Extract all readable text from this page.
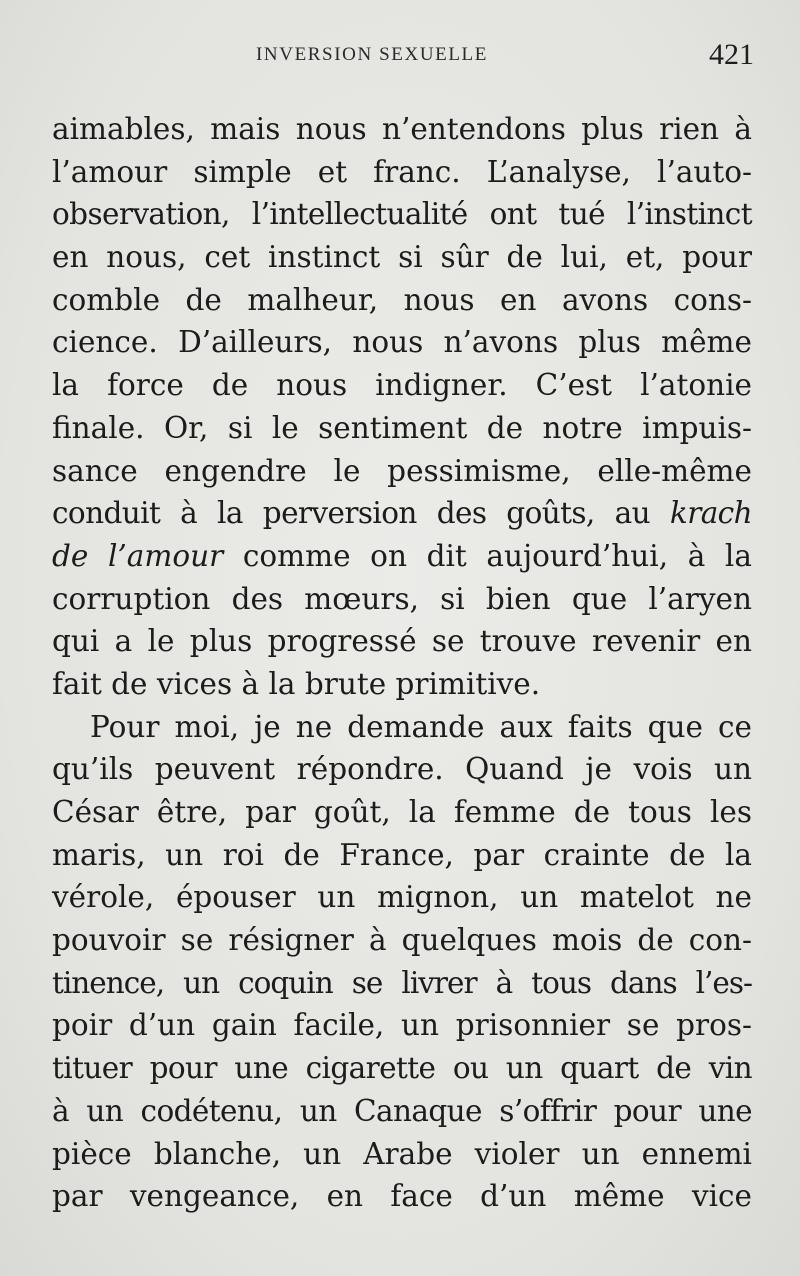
INVERSION SEXUELLE	421
aimables, mais nous n’entendons plus rien à
l’amour simple et franc. L’analyse, l’auto-
observation, l’intellectualité ont tué l’instinct
en nous, cet instinct si sûr de lui, et, pour
comble de malheur, nous en avons cons-
cience. D’ailleurs, nous n’avons plus même
la force de nous indigner. C’est l’atonie
finale. Or, si le sentiment de notre impuis-
sance engendre le pessimisme, elle-même
conduit à la perversion des goûts, au krach
de l’amour comme on dit aujourd’hui, à la
corruption des mœurs, si bien que l’aryen
qui a le plus progressé se trouve revenir en
fait de vices à la brute primitive.
Pour moi, je ne demande aux faits que ce
qu’ils peuvent répondre. Quand je vois un
César être, par goût, la femme de tous les
maris, un roi de France, par crainte de la
vérole, épouser un mignon, un matelot ne
pouvoir se résigner à quelques mois de con-
tinence, un coquin se livrer à tous dans l’es-
poir d’un gain facile, un prisonnier se pros-
tituer pour une cigarette ou un quart de vin
à un codétenu, un Canaque s’offrir pour une
pièce blanche, un Arabe violer un ennemi
par vengeance, en face d’un même vice
